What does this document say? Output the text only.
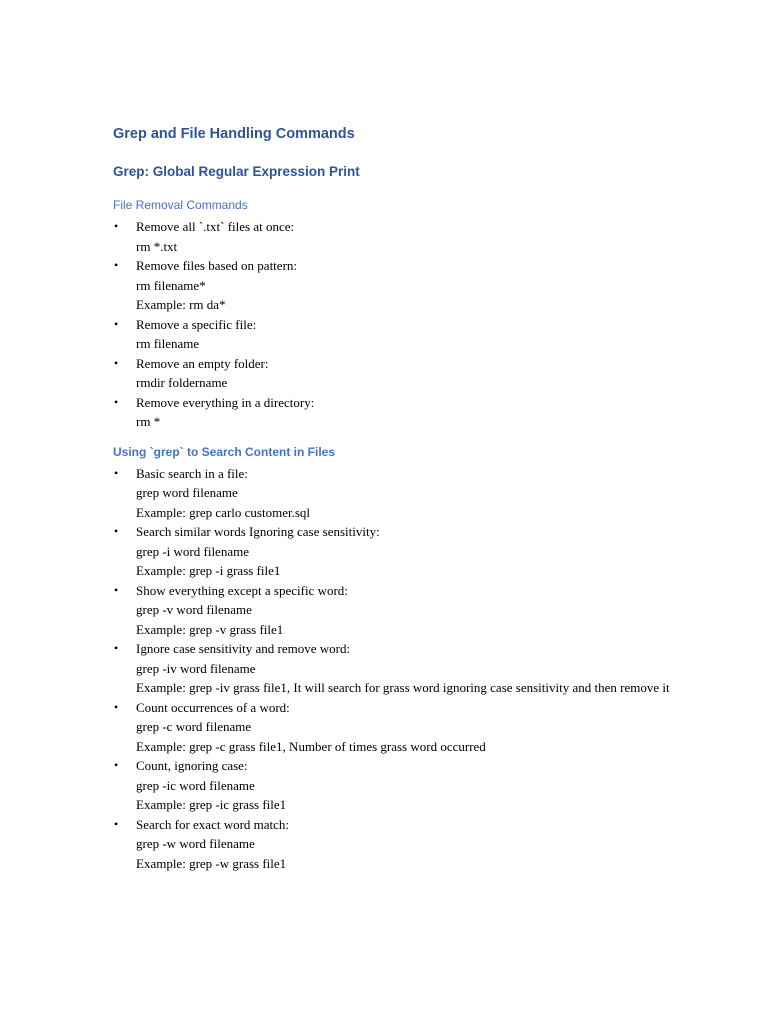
Grep and File Handling Commands
Grep: Global Regular Expression Print
File Removal Commands
• Remove all `.txt` files at once:
rm *.txt
• Remove files based on pattern:
rm filename*
Example: rm da*
• Remove a specific file:
rm filename
• Remove an empty folder:
rmdir foldername
• Remove everything in a directory:
rm *
Using `grep` to Search Content in Files
• Basic search in a file:
grep word filename
Example: grep carlo customer.sql
• Search similar words Ignoring case sensitivity:
grep -i word filename
Example: grep -i grass file1
• Show everything except a specific word:
grep -v word filename
Example: grep -v grass file1
• Ignore case sensitivity and remove word:
grep -iv word filename
Example: grep -iv grass file1, It will search for grass word ignoring case sensitivity and then remove it
• Count occurrences of a word:
grep -c word filename
Example: grep -c grass file1, Number of times grass word occurred
• Count, ignoring case:
grep -ic word filename
Example: grep -ic grass file1
• Search for exact word match:
grep -w word filename
Example: grep -w grass file1
